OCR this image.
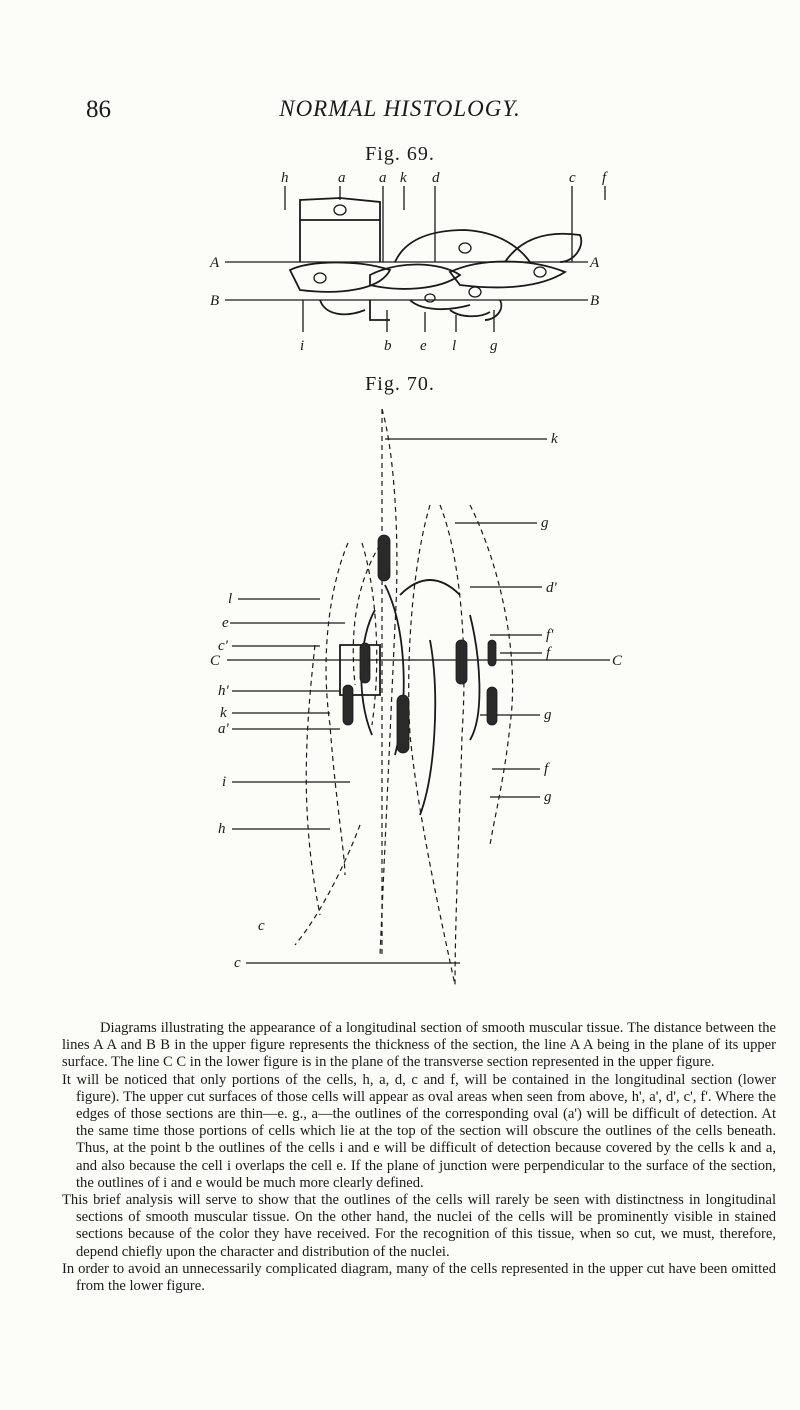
86	NORMAL HISTOLOGY.
Fig. 69.
h	a a k d	c f
A
B
A
B
i	b e l g
Fig. 70.
k
g
d'
f'
f	C
g
f
g
l
e
c'
C
h'
k
a'
i
h
c
c

Diagrams illustrating the appearance of a longitudinal section of smooth muscular tissue. The distance between the lines A A and B B in the upper figure represents the thickness of the section, the line A A being in the plane of its upper surface. The line C C in the lower figure is in the plane of the transverse section represented in the upper figure.

It will be noticed that only portions of the cells, h, a, d, c and f, will be contained in the longitudinal section (lower figure). The upper cut surfaces of those cells will appear as oval areas when seen from above, h', a', d', c', f'. Where the edges of those sections are thin—e. g., a—the outlines of the corresponding oval (a') will be difficult of detection. At the same time those portions of cells which lie at the top of the section will obscure the outlines of the cells beneath. Thus, at the point b the outlines of the cells i and e will be difficult of detection because covered by the cells k and a, and also because the cell i overlaps the cell e. If the plane of junction were perpendicular to the surface of the section, the outlines of i and e would be much more clearly defined.

This brief analysis will serve to show that the outlines of the cells will rarely be seen with distinctness in longitudinal sections of smooth muscular tissue. On the other hand, the nuclei of the cells will be prominently visible in stained sections because of the color they have received. For the recognition of this tissue, when so cut, we must, therefore, depend chiefly upon the character and distribution of the nuclei.

In order to avoid an unnecessarily complicated diagram, many of the cells represented in the upper cut have been omitted from the lower figure.
